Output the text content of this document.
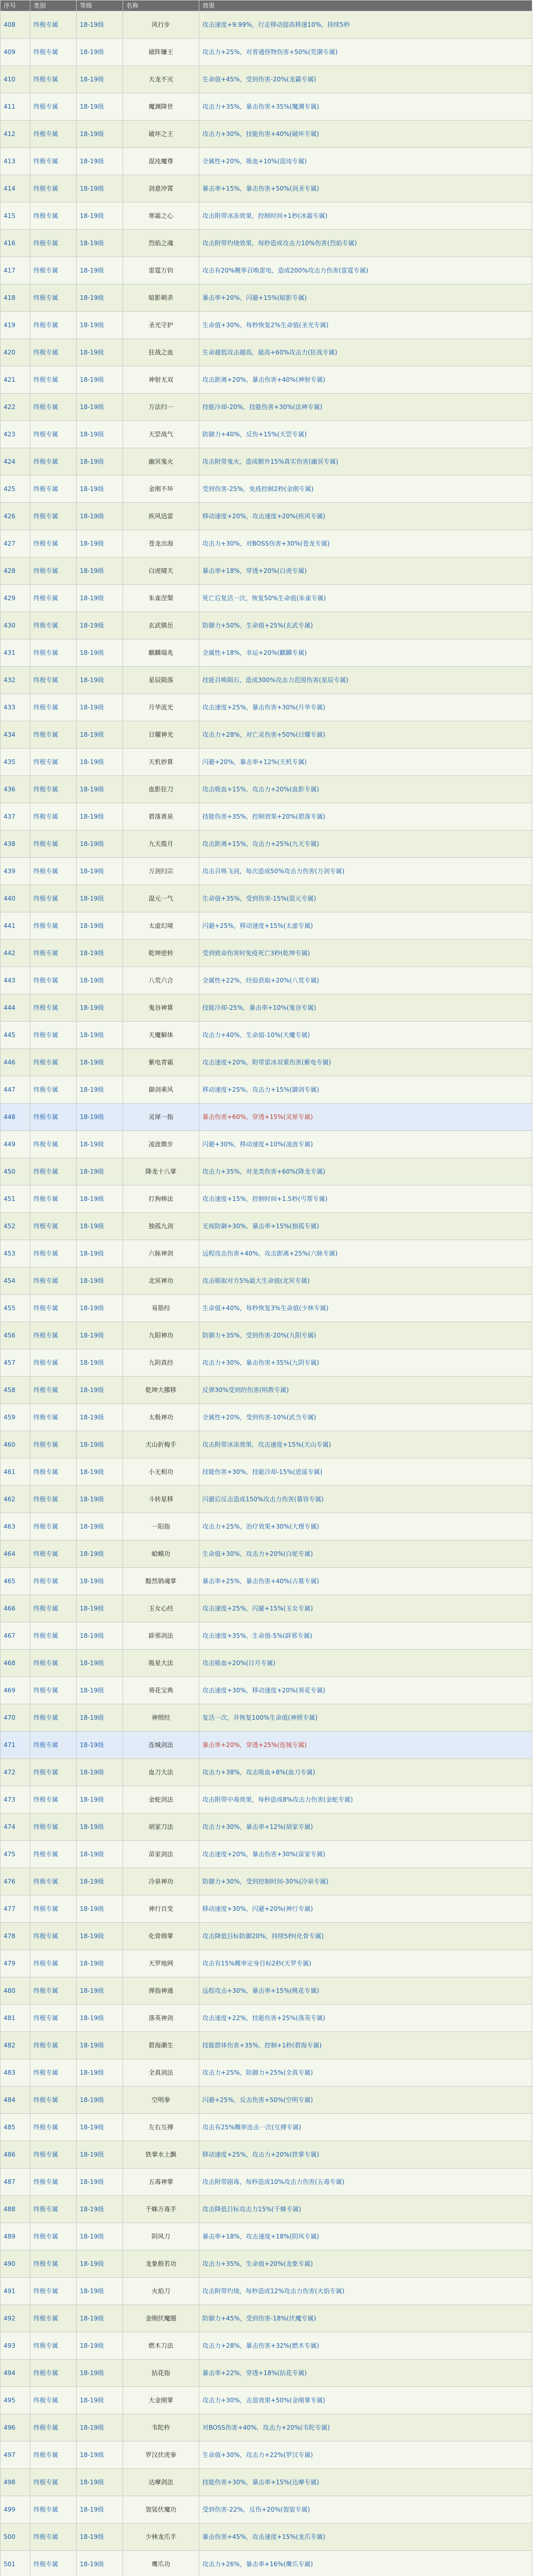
序号	类别	等级	名称	效果
408	终极专属	18-19级	风行步	攻击速度+9.99%，行走移动提高移速10%，持续5秒
409	终极专属	18-19级	破阵镰王	攻击力+25%，对普通怪物伤害+50%(荒潮专属)
410	终极专属	18-19级	天龙不灭	生命值+45%，受到伤害-20%(龙霸专属)
411	终极专属	18-19级	魔渊降世	攻击力+35%，暴击伤害+35%(魔渊专属)
412	终极专属	18-19级	破坏之王	攻击力+30%，技能伤害+40%(破坏专属)
413	终极专属	18-19级	混沌魔尊	全属性+20%，吸血+10%(混沌专属)
414	终极专属	18-19级	剑意冲霄	暴击率+15%，暴击伤害+50%(剑圣专属)
415	终极专属	18-19级	寒霜之心	攻击附带冰冻效果，控制时间+1秒(冰霜专属)
416	终极专属	18-19级	烈焰之魂	攻击附带灼烧效果，每秒造成攻击力10%伤害(烈焰专属)
417	终极专属	18-19级	雷霆万钧	攻击有20%概率召唤雷电，造成200%攻击力伤害(雷霆专属)
418	终极专属	18-19级	暗影刺杀	暴击率+20%，闪避+15%(暗影专属)
419	终极专属	18-19级	圣光守护	生命值+30%，每秒恢复2%生命值(圣光专属)
420	终极专属	18-19级	狂战之血	生命越低攻击越高，最高+60%攻击力(狂战专属)
421	终极专属	18-19级	神射无双	攻击距离+20%，暴击伤害+40%(神射专属)
422	终极专属	18-19级	万法归一	技能冷却-20%，技能伤害+30%(法神专属)
423	终极专属	18-19级	天罡战气	防御力+40%，反伤+15%(天罡专属)
424	终极专属	18-19级	幽冥鬼火	攻击附带鬼火，造成额外15%真实伤害(幽冥专属)
425	终极专属	18-19级	金刚不坏	受到伤害-25%，免疫控制2秒(金刚专属)
426	终极专属	18-19级	疾风迅雷	移动速度+20%，攻击速度+20%(疾风专属)
427	终极专属	18-19级	苍龙出海	攻击力+30%，对BOSS伤害+30%(苍龙专属)
428	终极专属	18-19级	白虎啸天	暴击率+18%，穿透+20%(白虎专属)
429	终极专属	18-19级	朱雀涅槃	死亡后复活一次，恢复50%生命值(朱雀专属)
430	终极专属	18-19级	玄武镇岳	防御力+50%，生命值+25%(玄武专属)
431	终极专属	18-19级	麒麟瑞兆	全属性+18%，幸运+20%(麒麟专属)
432	终极专属	18-19级	星辰陨落	技能召唤陨石，造成300%攻击力范围伤害(星辰专属)
433	终极专属	18-19级	月华流光	攻击速度+25%，暴击伤害+30%(月华专属)
434	终极专属	18-19级	日耀神光	攻击力+28%，对亡灵伤害+50%(日耀专属)
435	终极专属	18-19级	天机妙算	闪避+20%，暴击率+12%(天机专属)
436	终极专属	18-19级	血影狂刀	攻击吸血+15%，攻击力+20%(血影专属)
437	终极专属	18-19级	碧落黄泉	技能伤害+35%，控制效果+20%(碧落专属)
438	终极专属	18-19级	九天揽月	攻击距离+15%，攻击力+25%(九天专属)
439	终极专属	18-19级	万剑归宗	攻击召唤飞剑，每次造成50%攻击力伤害(万剑专属)
440	终极专属	18-19级	混元一气	生命值+35%，受到伤害-15%(混元专属)
441	终极专属	18-19级	太虚幻境	闪避+25%，移动速度+15%(太虚专属)
442	终极专属	18-19级	乾坤逆转	受到致命伤害时免疫死亡3秒(乾坤专属)
443	终极专属	18-19级	八荒六合	全属性+22%，经验获取+20%(八荒专属)
444	终极专属	18-19级	鬼谷神算	技能冷却-25%，暴击率+10%(鬼谷专属)
445	终极专属	18-19级	天魔解体	攻击力+40%，生命值-10%(天魔专属)
446	终极专属	18-19级	紫电青霜	攻击速度+20%，附带雷冰双重伤害(紫电专属)
447	终极专属	18-19级	御剑乘风	移动速度+25%，攻击力+15%(御剑专属)
448	终极专属	18-19级	灵犀一指	暴击伤害+60%，穿透+15%(灵犀专属)
449	终极专属	18-19级	凌波微步	闪避+30%，移动速度+10%(凌波专属)
450	终极专属	18-19级	降龙十八掌	攻击力+35%，对龙类伤害+60%(降龙专属)
451	终极专属	18-19级	打狗棒法	攻击速度+15%，控制时间+1.5秒(丐帮专属)
452	终极专属	18-19级	独孤九剑	无视防御+30%，暴击率+15%(独孤专属)
453	终极专属	18-19级	六脉神剑	远程攻击伤害+40%，攻击距离+25%(六脉专属)
454	终极专属	18-19级	北冥神功	攻击吸取对方5%最大生命值(北冥专属)
455	终极专属	18-19级	易筋经	生命值+40%，每秒恢复3%生命值(少林专属)
456	终极专属	18-19级	九阳神功	防御力+35%，受到伤害-20%(九阳专属)
457	终极专属	18-19级	九阴真经	攻击力+30%，暴击伤害+35%(九阴专属)
458	终极专属	18-19级	乾坤大挪移	反弹30%受到的伤害(明教专属)
459	终极专属	18-19级	太极神功	全属性+20%，受到伤害-10%(武当专属)
460	终极专属	18-19级	天山折梅手	攻击附带冰冻效果，攻击速度+15%(天山专属)
461	终极专属	18-19级	小无相功	技能伤害+30%，技能冷却-15%(逍遥专属)
462	终极专属	18-19级	斗转星移	闪避后反击造成150%攻击力伤害(慕容专属)
463	终极专属	18-19级	一阳指	攻击力+25%，治疗效果+30%(大理专属)
464	终极专属	18-19级	蛤蟆功	生命值+30%，攻击力+20%(白驼专属)
465	终极专属	18-19级	黯然销魂掌	暴击率+25%，暴击伤害+40%(古墓专属)
466	终极专属	18-19级	玉女心经	攻击速度+25%，闪避+15%(玉女专属)
467	终极专属	18-19级	辟邪剑法	攻击速度+35%，生命值-5%(辟邪专属)
468	终极专属	18-19级	吸星大法	攻击吸血+20%(日月专属)
469	终极专属	18-19级	葵花宝典	攻击速度+30%，移动速度+20%(葵花专属)
470	终极专属	18-19级	神照经	复活一次，并恢复100%生命值(神照专属)
471	终极专属	18-19级	连城剑法	暴击率+20%，穿透+25%(连城专属)
472	终极专属	18-19级	血刀大法	攻击力+38%，攻击吸血+8%(血刀专属)
473	终极专属	18-19级	金蛇剑法	攻击附带中毒效果，每秒造成8%攻击力伤害(金蛇专属)
474	终极专属	18-19级	胡家刀法	攻击力+30%，暴击率+12%(胡家专属)
475	终极专属	18-19级	苗家剑法	攻击速度+20%，暴击伤害+30%(苗家专属)
476	终极专属	18-19级	冷泉神功	防御力+30%，受到控制时间-30%(冷泉专属)
477	终极专属	18-19级	神行百变	移动速度+30%，闪避+20%(神行专属)
478	终极专属	18-19级	化骨绵掌	攻击降低目标防御20%，持续5秒(化骨专属)
479	终极专属	18-19级	天罗地网	攻击有15%概率定身目标2秒(天罗专属)
480	终极专属	18-19级	弹指神通	远程攻击+30%，暴击率+15%(桃花专属)
481	终极专属	18-19级	落英神剑	攻击速度+22%，技能伤害+25%(落英专属)
482	终极专属	18-19级	碧海潮生	技能群体伤害+35%，控制+1秒(碧海专属)
483	终极专属	18-19级	全真剑法	攻击力+25%，防御力+25%(全真专属)
484	终极专属	18-19级	空明拳	闪避+25%，反击伤害+50%(空明专属)
485	终极专属	18-19级	左右互搏	攻击有25%概率连击一次(互搏专属)
486	终极专属	18-19级	铁掌水上飘	移动速度+25%，攻击力+20%(铁掌专属)
487	终极专属	18-19级	五毒神掌	攻击附带剧毒，每秒造成10%攻击力伤害(五毒专属)
488	终极专属	18-19级	千蛛万毒手	攻击降低目标攻击力15%(千蛛专属)
489	终极专属	18-19级	阴风刀	暴击率+18%，攻击速度+18%(阴风专属)
490	终极专属	18-19级	龙象般若功	攻击力+35%，生命值+20%(龙象专属)
491	终极专属	18-19级	火焰刀	攻击附带灼烧，每秒造成12%攻击力伤害(火焰专属)
492	终极专属	18-19级	金刚伏魔圈	防御力+45%，受到伤害-18%(伏魔专属)
493	终极专属	18-19级	燃木刀法	攻击力+28%，暴击伤害+32%(燃木专属)
494	终极专属	18-19级	拈花指	暴击率+22%，穿透+18%(拈花专属)
495	终极专属	18-19级	大金刚掌	攻击力+30%，击退效果+50%(金刚掌专属)
496	终极专属	18-19级	韦陀杵	对BOSS伤害+40%，攻击力+20%(韦陀专属)
497	终极专属	18-19级	罗汉伏虎拳	生命值+30%，攻击力+22%(罗汉专属)
498	终极专属	18-19级	达摩剑法	技能伤害+30%，暴击率+15%(达摩专属)
499	终极专属	18-19级	袈裟伏魔功	受到伤害-22%，反伤+20%(袈裟专属)
500	终极专属	18-19级	少林龙爪手	暴击伤害+45%，攻击速度+15%(龙爪专属)
501	终极专属	18-19级	鹰爪功	攻击力+26%，暴击率+16%(鹰爪专属)
